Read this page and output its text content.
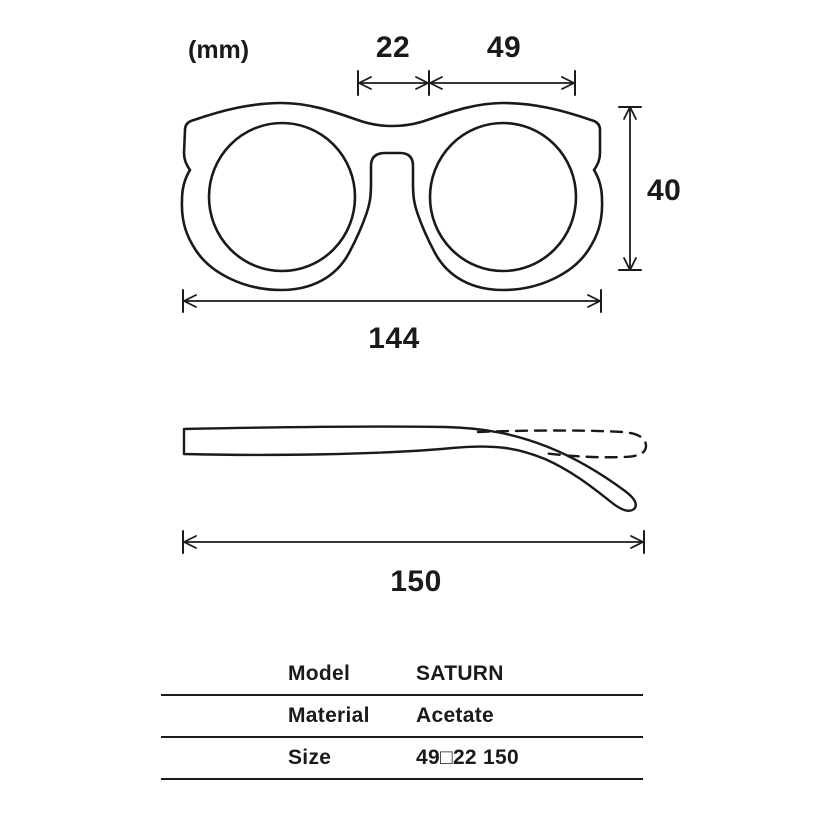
(mm)	22	49
40
144
150
Model	SATURN
Material Acetate
Size	49□22 150
